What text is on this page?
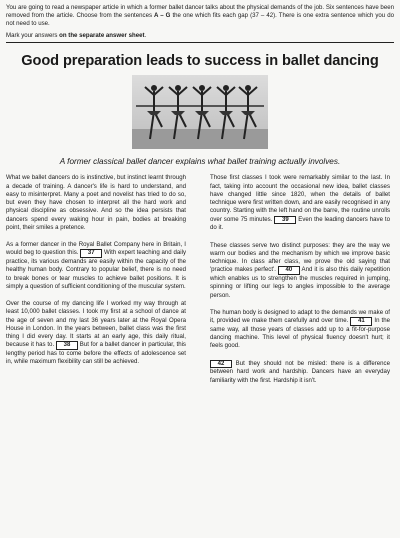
You are going to read a newspaper article in which a former ballet dancer talks about the physical demands of the job. Six sentences have been removed from the article. Choose from the sentences A – G the one which fits each gap (37 – 42). There is one extra sentence which you do not need to use.

Mark your answers on the separate answer sheet.

Good preparation leads to success in ballet dancing
A former classical ballet dancer explains what ballet training actually involves.

What we ballet dancers do is instinctive, but instinct learnt through a decade of training. A dancer's life is hard to understand, and easy to misinterpret. Many a poet and novelist has tried to do so, but even they have chosen to interpret all the hard work and physical discipline as obsessive. And so the idea persists that dancers spend every waking hour in pain, bodies at breaking point, their smiles a pretence.

As a former dancer in the Royal Ballet Company here in Britain, I would beg to question this. 37 With expert teaching and daily practice, its various demands are easily within the capacity of the healthy human body. Contrary to popular belief, there is no need to break bones or tear muscles to achieve ballet positions. It is simply a question of sufficient conditioning of the muscular system.

Over the course of my dancing life I worked my way through at least 10,000 ballet classes. I took my first at a school of dance at the age of seven and my last 36 years later at the Royal Opera House in London. In the years between, ballet class was the first thing I did every day. It starts at an early age, this daily ritual, because it has to. 38 But for a ballet dancer in particular, this lengthy period has to come before the effects of adolescence set in, while maximum flexibility can still be achieved.

Those first classes I took were remarkably similar to the last. In fact, taking into account the occasional new idea, ballet classes have changed little since 1820, when the details of ballet technique were first written down, and are easily recognised in any country. Starting with the left hand on the barre, the routine unrolls over some 75 minutes. 39 Even the leading dancers have to do it.

These classes serve two distinct purposes: they are the way we warm our bodies and the mechanism by which we improve basic technique. In class after class, we prove the old saying that 'practice makes perfect'. 40 And it is also this daily repetition which enables us to strengthen the muscles required in jumping, spinning or lifting our legs to angles impossible to the average person.

The human body is designed to adapt to the demands we make of it, provided we make them carefully and over time. 41 In the same way, all those years of classes add up to a fit-for-purpose dancing machine. This level of physical fluency doesn't hurt; it feels good.

42 But they should not be misled: there is a difference between hard work and hardship. Dancers have an everyday familiarity with the first. Hardship it isn't.
